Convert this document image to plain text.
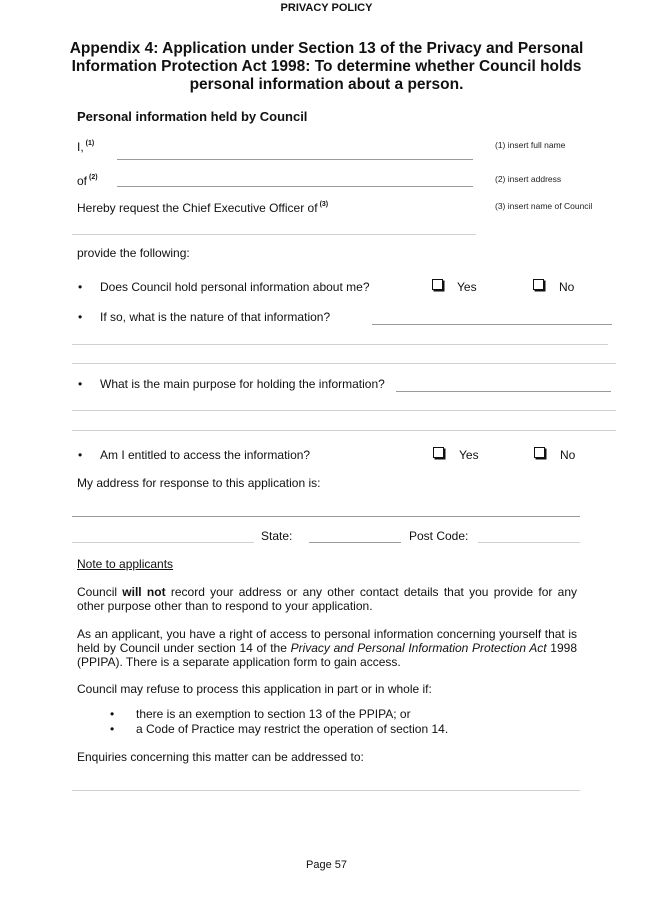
PRIVACY POLICY
Appendix 4: Application under Section 13 of the Privacy and Personal Information Protection Act 1998: To determine whether Council holds personal information about a person.
Personal information held by Council
I, $^{(1)}$	(1) insert full name
of $^{(2)}$	(2) insert address
Hereby request the Chief Executive Officer of $^{(3)}$	(3) insert name of Council
provide the following:
• Does Council hold personal information about me?	Yes	No
• If so, what is the nature of that information?
• What is the main purpose for holding the information?
• Am I entitled to access the information?	Yes	No
My address for response to this application is:
State:	Post Code:
Note to applicants
Council will not record your address or any other contact details that you provide for any other purpose other than to respond to your application.
As an applicant, you have a right of access to personal information concerning yourself that is held by Council under section 14 of the Privacy and Personal Information Protection Act 1998 (PPIPA). There is a separate application form to gain access.
Council may refuse to process this application in part or in whole if:
• there is an exemption to section 13 of the PPIPA; or
• a Code of Practice may restrict the operation of section 14.
Enquiries concerning this matter can be addressed to:
Page 57
